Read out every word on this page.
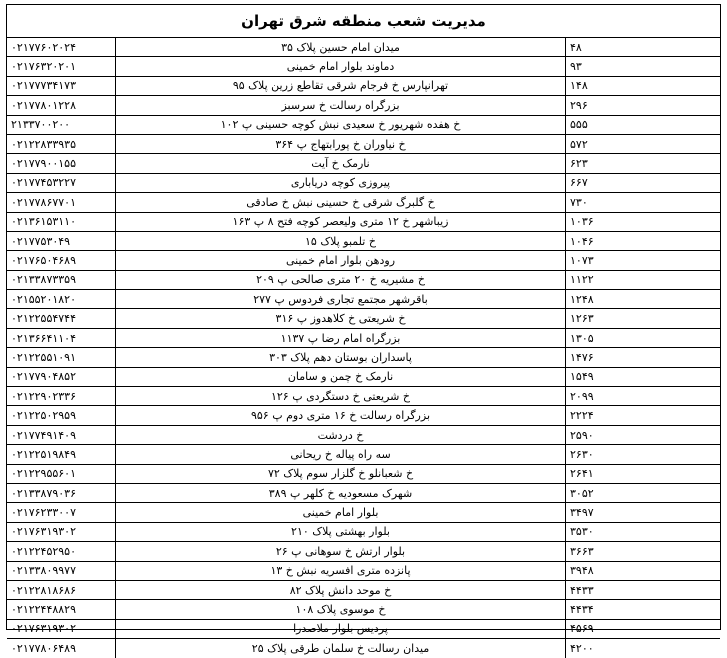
مدیریت شعب منطقه شرق تهران
۰۲۱۷۷۶۰۲۰۲۴	میدان امام حسین پلاک ۳۵	۴۸
۰۲۱۷۶۳۲۰۲۰۱	دماوند بلوار امام خمینی	۹۳
۰۲۱۷۷۷۳۴۱۷۳	تهرانپارس خ فرجام شرقی تقاطع زرین پلاک ۹۵	۱۴۸
۰۲۱۷۷۸۰۱۲۲۸	بزرگراه رسالت خ سرسبز	۲۹۶
۲۱۳۳۷۰۰۲۰۰	خ هفده شهریور خ سعیدی نبش کوچه حسینی پ ۱۰۲	۵۵۵
۰۲۱۲۲۸۳۳۹۳۵	خ نیاوران خ پورابتهاج پ ۳۶۴	۵۷۲
۰۲۱۷۷۹۰۰۱۵۵	نارمک خ آیت	۶۲۳
۰۲۱۷۷۴۵۳۲۲۷	پیروزی کوچه دریاباری	۶۶۷
۰۲۱۷۷۸۶۷۷۰۱	خ گلبرگ شرقی خ حسینی نبش خ صادقی	۷۳۰
۰۲۱۳۶۱۵۳۱۱۰	زیباشهر خ ۱۲ متری ولیعصر کوچه فتح ۸ پ ۱۶۳	۱۰۳۶
۰۲۱۷۷۵۳۰۴۹	خ تلمبو پلاک ۱۵	۱۰۴۶
۰۲۱۷۶۵۰۴۶۸۹	رودهن بلوار امام خمینی	۱۰۷۳
۰۲۱۳۳۸۷۳۳۵۹	خ مشیریه خ ۲۰ متری صالحی پ ۲۰۹	۱۱۲۲
۰۲۱۵۵۲۰۱۸۲۰	باقرشهر مجتمع تجاری فردوس پ ۲۷۷	۱۲۴۸
۰۲۱۲۲۵۵۴۷۴۴	خ شریعتی خ کلاهدوز پ ۳۱۶	۱۲۶۳
۰۲۱۳۶۶۴۱۱۰۴	بزرگراه امام رضا پ ۱۱۳۷	۱۳۰۵
۰۲۱۲۲۵۵۱۰۹۱	پاسداران بوستان دهم پلاک ۳۰۳	۱۴۷۶
۰۲۱۷۷۹۰۴۸۵۲	نارمک خ چمن و سامان	۱۵۴۹
۰۲۱۲۲۹۰۲۳۳۶	خ شریعتی خ دستگردی پ ۱۲۶	۲۰۹۹
۰۲۱۲۲۵۰۲۹۵۹	بزرگراه رسالت خ ۱۶ متری دوم پ ۹۵۶	۲۲۲۴
۰۲۱۷۷۴۹۱۴۰۹	خ دردشت	۲۵۹۰
۰۲۱۲۲۵۱۹۸۴۹	سه راه پیاله خ ریحانی	۲۶۳۰
۰۲۱۲۲۹۵۵۶۰۱	خ شعبانلو خ گلزار سوم پلاک ۷۲	۲۶۴۱
۰۲۱۳۳۸۷۹۰۳۶	شهرک مسعودیه خ کلهر پ ۳۸۹	۳۰۵۲
۰۲۱۷۶۲۳۳۰۰۷	بلوار امام خمینی	۳۴۹۷
۰۲۱۷۶۳۱۹۳۰۲	بلوار بهشتی پلاک ۲۱۰	۳۵۳۰
۰۲۱۲۲۴۵۲۹۵۰	بلوار ارتش خ سوهانی پ ۲۶	۳۶۶۳
۰۲۱۳۳۸۰۹۹۷۷	پانزده متری افسریه نبش خ ۱۳	۳۹۴۸
۰۲۱۲۲۸۱۸۶۸۶	خ موحد دانش پلاک ۸۲	۴۴۳۳
۰۲۱۲۲۴۴۸۸۲۹	خ موسوی پلاک ۱۰۸	۴۴۳۴
۰۲۱۷۶۳۱۹۳۰۲	پردیس بلوار ملاصدرا	۴۵۶۹
۰۲۱۷۷۸۰۶۴۸۹	میدان رسالت خ سلمان طرقی پلاک ۲۵	۴۲۰۰
